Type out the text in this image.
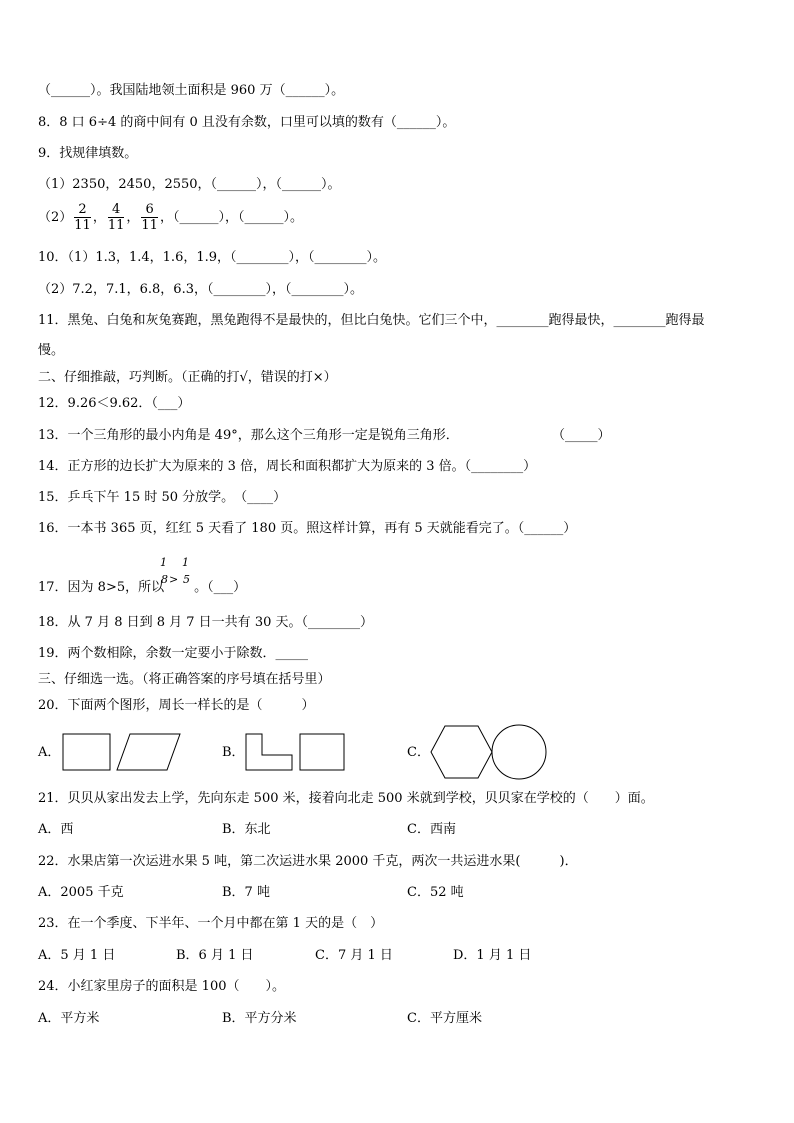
（______）。我国陆地领土面积是 960 万（______）。
8．8 口 6÷4 的商中间有 0 且没有余数，口里可以填的数有（______）。
9．找规律填数。
（1）2350，2450，2550，（______），（______）。
$(2) \frac{2}{11}$ ， $\frac{4}{11}$ ， $\frac{6}{11}$ ，（______），（______）。
10．（1）1.3，1.4，1.6，1.9，（________），（________）。
（2）7.2，7.1，6.8，6.3，（________），（________）。
11．黑兔、白兔和灰兔赛跑，黑兔跑得不是最快的，但比白兔快。它们三个中，________跑得最快，________跑得最
慢。
二、仔细推敲，巧判断。（正确的打√，错误的打×）
12．9.26＜9.62．（___）
13．一个三角形的最小内角是 49°，那么这个三角形一定是锐角三角形．	（_____）
14．正方形的边长扩大为原来的 3 倍，周长和面积都扩大为原来的 3 倍。（________）
15．乒乓下午 15 时 50 分放学。　（____）
16．一本书 365 页，红红 5 天看了 180 页。照这样计算，再有 5 天就能看完了。（______）
17．因为 8>5，所以 。（___）
1
8 >
1
5
18．从 7 月 8 日到 8 月 7 日一共有 30 天。（________）
19．两个数相除，余数一定要小于除数．_____
三、仔细选一选。（将正确答案的序号填在括号里）
20．下面两个图形，周长一样长的是（　　　）
A．	B．	C．
21．贝贝从家出发去上学，先向东走 500 米，接着向北走 500 米就到学校，贝贝家在学校的（　　）面。
A．西	B．东北	C．西南
22．水果店第一次运进水果 5 吨，第二次运进水果 2000 千克，两次一共运进水果(　　　)．
A．2005 千克	B．7 吨	C．52 吨
23．在一个季度、下半年、一个月中都在第 1 天的是（　）
A．5 月 1 日	B．6 月 1 日	C．7 月 1 日	D．1 月 1 日
24．小红家里房子的面积是 100（　　）。
A．平方米	B．平方分米	C．平方厘米
